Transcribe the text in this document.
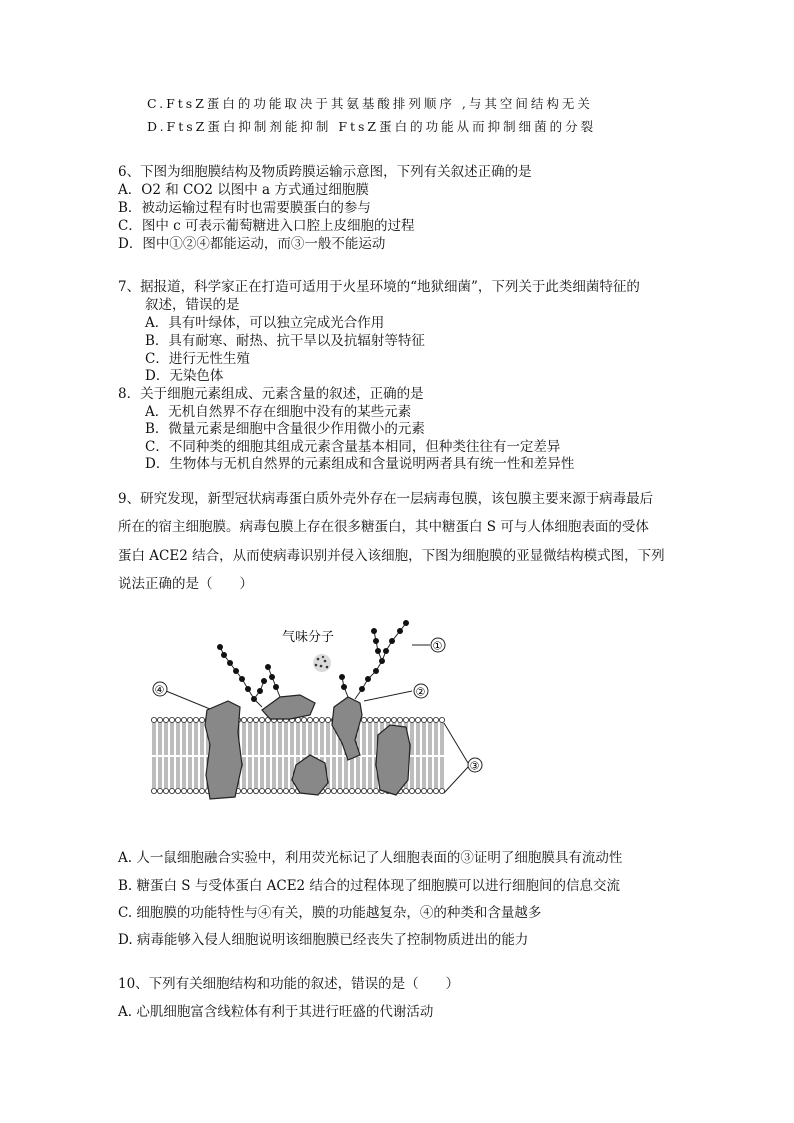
C.FtsZ蛋白的功能取决于其氨基酸排列顺序 ,与其空间结构无关
D.FtsZ蛋白抑制剂能抑制 FtsZ蛋白的功能从而抑制细菌的分裂
6、下图为细胞膜结构及物质跨膜运输示意图，下列有关叙述正确的是
A．O2 和 CO2 以图中 a 方式通过细胞膜
B．被动运输过程有时也需要膜蛋白的参与
C．图中 c 可表示葡萄糖进入口腔上皮细胞的过程
D．图中①②④都能运动，而③一般不能运动
7、据报道，科学家正在打造可适用于火星环境的“地狱细菌”，下列关于此类细菌特征的
叙述，错误的是
A．具有叶绿体，可以独立完成光合作用
B．具有耐寒、耐热、抗干旱以及抗辐射等特征
C．进行无性生殖
D．无染色体
8．关于细胞元素组成、元素含量的叙述，正确的是
A．无机自然界不存在细胞中没有的某些元素
B．微量元素是细胞中含量很少作用微小的元素
C．不同种类的细胞其组成元素含量基本相同，但种类往往有一定差异
D．生物体与无机自然界的元素组成和含量说明两者具有统一性和差异性
9、研究发现，新型冠状病毒蛋白质外壳外存在一层病毒包膜，该包膜主要来源于病毒最后
所在的宿主细胞膜。病毒包膜上存在很多糖蛋白，其中糖蛋白 S 可与人体细胞表面的受体
蛋白 ACE2 结合，从而使病毒识别并侵入该细胞，下图为细胞膜的亚显微结构模式图，下列
说法正确的是（　　）
气味分子
①
②
④
③
A. 人一鼠细胞融合实验中，利用荧光标记了人细胞表面的③证明了细胞膜具有流动性
B. 糖蛋白 S 与受体蛋白 ACE2 结合的过程体现了细胞膜可以进行细胞间的信息交流
C. 细胞膜的功能特性与④有关，膜的功能越复杂，④的种类和含量越多
D. 病毒能够入侵人细胞说明该细胞膜已经丧失了控制物质进出的能力
10、下列有关细胞结构和功能的叙述，错误的是（　　）
A. 心肌细胞富含线粒体有利于其进行旺盛的代谢活动
